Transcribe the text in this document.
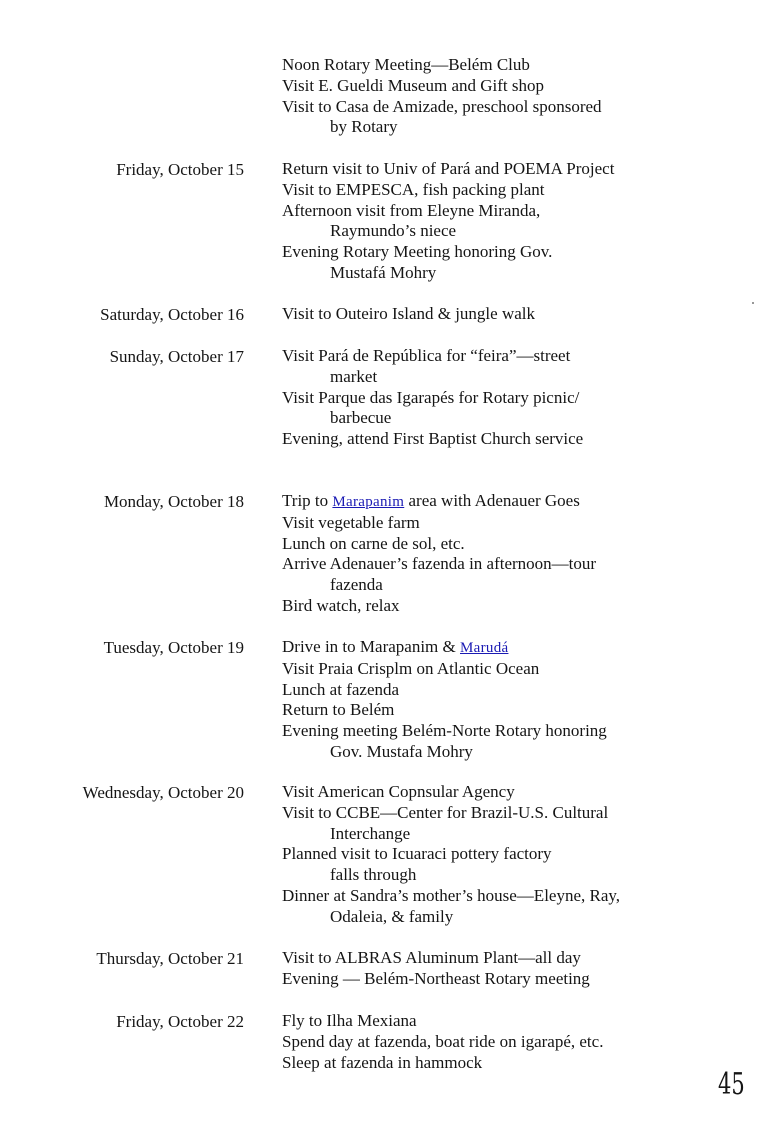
Noon Rotary Meeting—Belém Club
Visit E. Gueldi Museum and Gift shop
Visit to Casa de Amizade, preschool sponsored
by Rotary
Friday, October 15 Return visit to Univ of Pará and POEMA Project
Visit to EMPESCA, fish packing plant
Afternoon visit from Eleyne Miranda,
Raymundo’s niece
Evening Rotary Meeting honoring Gov.
Mustafá Mohry
Saturday, October 16 Visit to Outeiro Island & jungle walk
Sunday, October 17 Visit Pará de República for “feira”—street
market
Visit Parque das Igarapés for Rotary picnic/
barbecue
Evening, attend First Baptist Church service
Monday, October 18 Trip to Marapanim area with Adenauer Goes
Visit vegetable farm
Lunch on carne de sol, etc.
Arrive Adenauer’s fazenda in afternoon—tour
fazenda
Bird watch, relax
Tuesday, October 19 Drive in to Marapanim & Marudá
Visit Praia Crisplm on Atlantic Ocean
Lunch at fazenda
Return to Belém
Evening meeting Belém-Norte Rotary honoring
Gov. Mustafa Mohry
Wednesday, October 20 Visit American Copnsular Agency
Visit to CCBE—Center for Brazil-U.S. Cultural
Interchange
Planned visit to Icuaraci pottery factory
falls through
Dinner at Sandra’s mother’s house—Eleyne, Ray,
Odaleia, & family
Thursday, October 21 Visit to ALBRAS Aluminum Plant—all day
Evening — Belém-Northeast Rotary meeting
Friday, October 22 Fly to Ilha Mexiana
Spend day at fazenda, boat ride on igarapé, etc.
Sleep at fazenda in hammock
45
